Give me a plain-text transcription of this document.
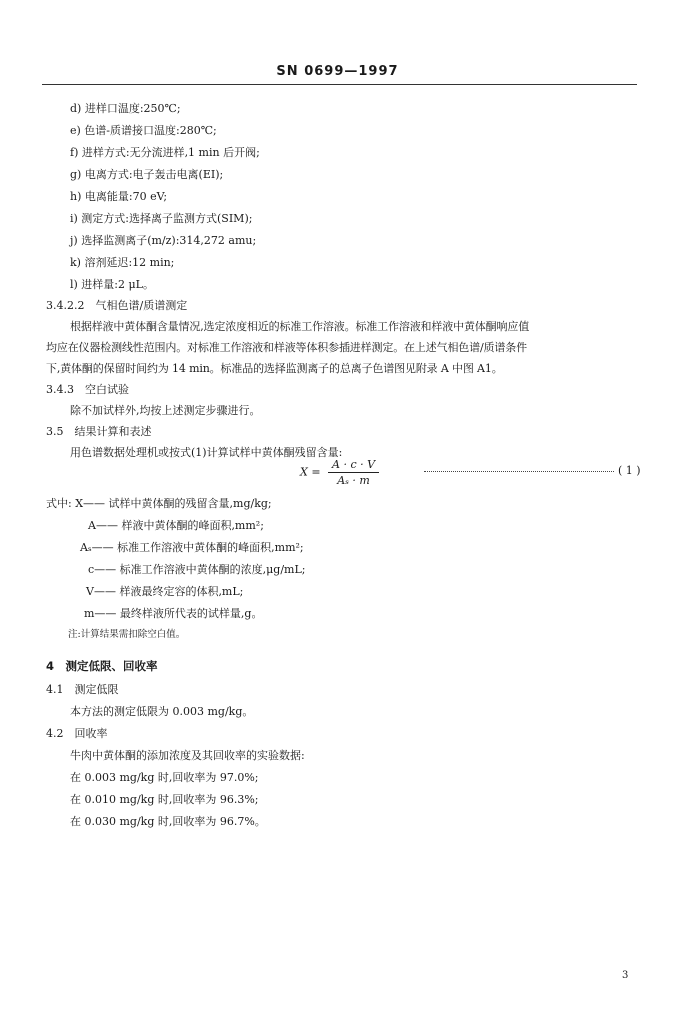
SN 0699—1997
d) 进样口温度:250℃;
e) 色谱-质谱接口温度:280℃;
f) 进样方式:无分流进样,1 min 后开阀;
g) 电离方式:电子轰击电离(EI);
h) 电离能量:70 eV;
i) 测定方式:选择离子监测方式(SIM);
j) 选择监测离子(m/z):314,272 amu;
k) 溶剂延迟:12 min;
l) 进样量:2 μL。
3.4.2.2　气相色谱/质谱测定
根据样液中黄体酮含量情况,选定浓度相近的标准工作溶液。标准工作溶液和样液中黄体酮响应值
均应在仪器检测线性范围内。对标准工作溶液和样液等体积参插进样测定。在上述气相色谱/质谱条件
下,黄体酮的保留时间约为 14 min。标准品的选择监测离子的总离子色谱图见附录 A 中图 A1。
3.4.3　空白试验
除不加试样外,均按上述测定步骤进行。
3.5　结果计算和表述
用色谱数据处理机或按式(1)计算试样中黄体酮残留含量:
$X = \frac{A \cdot c \cdot V}{\text{Aₛ · m}}$	( 1 )
式中: X—— 试样中黄体酮的残留含量,mg/kg;
A—— 样液中黄体酮的峰面积,mm²;
Aₛ—— 标准工作溶液中黄体酮的峰面积,mm²;
c—— 标准工作溶液中黄体酮的浓度,μg/mL;
V—— 样液最终定容的体积,mL;
m—— 最终样液所代表的试样量,g。
注:计算结果需扣除空白值。
4　测定低限、回收率
4.1　测定低限
本方法的测定低限为 0.003 mg/kg。
4.2　回收率
牛肉中黄体酮的添加浓度及其回收率的实验数据:
在 0.003 mg/kg 时,回收率为 97.0%;
在 0.010 mg/kg 时,回收率为 96.3%;
在 0.030 mg/kg 时,回收率为 96.7%。
3
